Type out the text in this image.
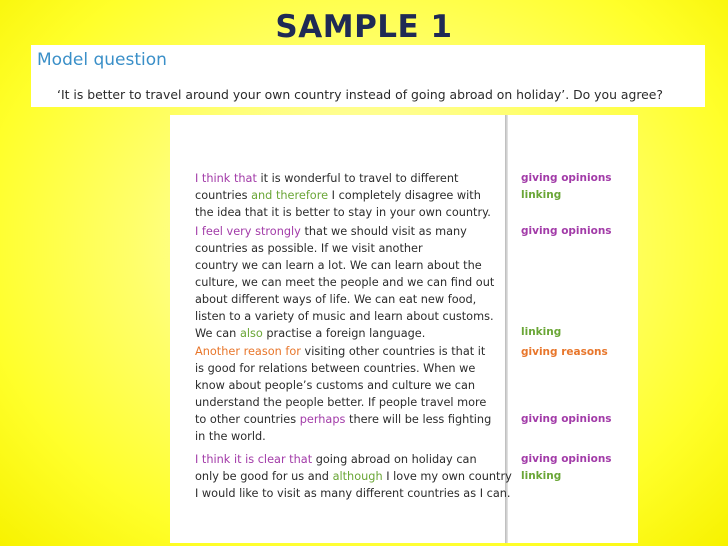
SAMPLE 1
Model question
‘It is better to travel around your own country instead of going abroad on holiday’. Do you agree?
I think that it is wonderful to travel to different
countries and therefore I completely disagree with
the idea that it is better to stay in your own country.
I feel very strongly that we should visit as many
countries as possible. If we visit another
country we can learn a lot. We can learn about the
culture, we can meet the people and we can find out
about different ways of life. We can eat new food,
listen to a variety of music and learn about customs.
We can also practise a foreign language.
Another reason for visiting other countries is that it
is good for relations between countries. When we
know about people’s customs and culture we can
understand the people better. If people travel more
to other countries perhaps there will be less fighting
in the world.
I think it is clear that going abroad on holiday can
only be good for us and although I love my own country
I would like to visit as many different countries as I can.
giving opinions
linking
giving opinions
linking
giving reasons
giving opinions
giving opinions
linking
